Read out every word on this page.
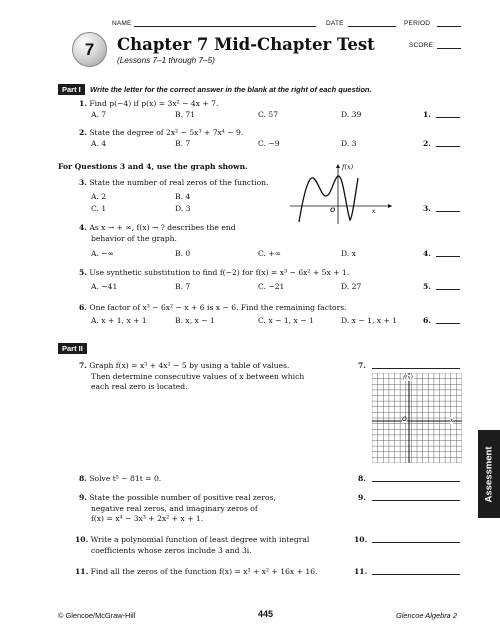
NAME	DATE	PERIOD
7 Chapter 7 Mid-Chapter Test
(Lessons 7–1 through 7–5)
SCORE
Part I	Write the letter for the correct answer in the blank at the right of each question.
1. Find p(−4) if p(x) = 3x² − 4x + 7.
A. 7	B. 71	C. 57	D. 39	1.
2. State the degree of 2x² − 5x³ + 7x⁴ − 9.
A. 4	B. 7	C. −9	D. 3	2.
For Questions 3 and 4, use the graph shown.
3. State the number of real zeros of the function.
A. 2	B. 4
C. 1	D. 3	3.
f(x)
O	x
4. As x → + ∞, f(x) → ? describes the end
behavior of the graph.
A. −∞	B. 0	C. +∞	D. x	4.
5. Use synthetic substitution to find f(−2) for f(x) = x³ − 6x² + 5x + 1.
A. −41	B. 7	C. −21	D. 27	5.
6. One factor of x³ − 6x² − x + 6 is x − 6. Find the remaining factors.
A. x + 1, x + 1	B. x, x − 1	C. x − 1, x − 1	D. x − 1, x + 1	6.
Part II
7. Graph f(x) = x³ + 4x² − 5 by using a table of values.
Then determine consecutive values of x between which
each real zero is located.
7.
f(x)
O	x
8. Solve t⁵ − 81t = 0.	8.
9. State the possible number of positive real zeros,
negative real zeros, and imaginary zeros of
f(x) = x⁴ − 3x³ + 2x² + x + 1.
9.
10. Write a polynomial function of least degree with integral
coefficients whose zeros include 3 and 3i.
10.
11. Find all the zeros of the function f(x) = x³ + x² + 16x + 16.	11.
Assessment
© Glencoe/McGraw-Hill	445	Glencoe Algebra 2
